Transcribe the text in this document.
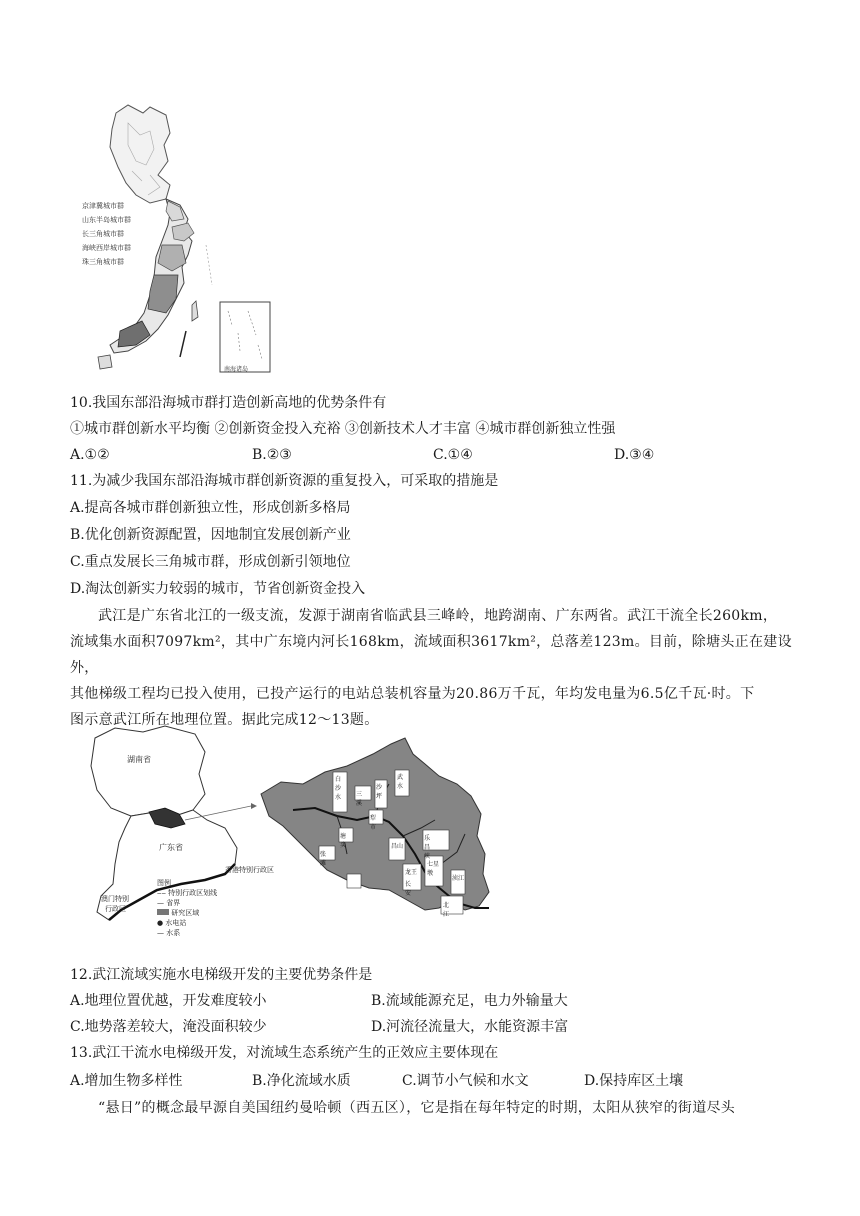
京津冀城市群
山东半岛城市群
长三角城市群
海峡西岸城市群
珠三角城市群
南海诸岛
10.我国东部沿海城市群打造创新高地的优势条件有
①城市群创新水平均衡 ②创新资金投入充裕 ③创新技术人才丰富 ④城市群创新独立性强
A.①②	B.②③	C.①④	D.③④
11.为减少我国东部沿海城市群创新资源的重复投入，可采取的措施是
A.提高各城市群创新独立性，形成创新多格局
B.优化创新资源配置，因地制宜发展创新产业
C.重点发展长三角城市群，形成创新引领地位
D.淘汰创新实力较弱的城市，节省创新资金投入

武江是广东省北江的一级支流，发源于湖南省临武县三峰岭，地跨湖南、广东两省。武江干流全长260km，

流域集水面积7097km²，其中广东境内河长168km，流域面积3617km²，总落差123m。目前，除塘头正在建设外，
其他梯级工程均已投入使用，已投产运行的电站总装机容量为20.86万千瓦，年均发电量为6.5亿千瓦·时。下
图示意武江所在地理位置。据此完成12～13题。
湖南省
广东省
香港特别行政区
澳门特别
行政区
图例
‒‒ 特别行政区划线
— 省界
研究区域
● 水电站
— 水系
白沙水
沙坪
武水
三溪
犁市
塘头
乐昌峡
张滩
昌山
七星墩
龙王
长安
浈江
北江
12.武江流域实施水电梯级开发的主要优势条件是
A.地理位置优越，开发难度较小	B.流域能源充足，电力外输量大
C.地势落差较大，淹没面积较少	D.河流径流量大，水能资源丰富
13.武江干流水电梯级开发，对流域生态系统产生的正效应主要体现在
A.增加生物多样性	B.净化流域水质	C.调节小气候和水文	D.保持库区土壤
“悬日”的概念最早源自美国纽约曼哈顿（西五区），它是指在每年特定的时期，太阳从狭窄的街道尽头
